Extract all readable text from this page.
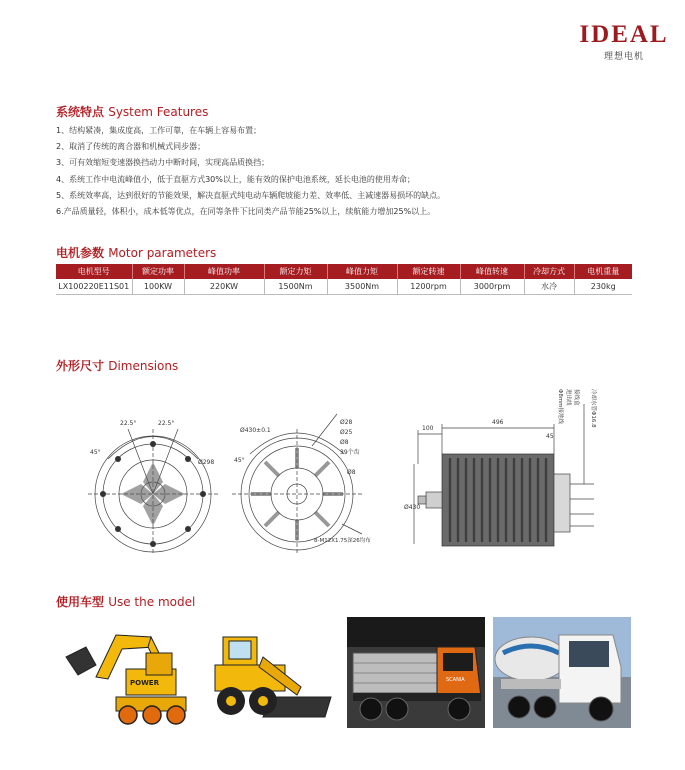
IDEAL
理想电机
系统特点 System Features
1、结构紧凑，集成度高，工作可靠，在车辆上容易布置；
2、取消了传统的离合器和机械式同步器；
3、可有效缩短变速器换挡动力中断时间，实现高品质换挡；
4、系统工作中电流峰值小，低于直驱方式30%以上，能有效的保护电池系统，延长电池的使用寿命；
5、系统效率高，达到很好的节能效果，解决直驱式纯电动车辆爬坡能力差、效率低、主减速器易损坏的缺点。
6.产品质量轻，体积小，成本低等优点，在同等条件下比同类产品节能25%以上，续航能力增加25%以上。
电机参数 Motor parameters
电机型号	额定功率	峰值功率	额定力矩	峰值力矩	额定转速	峰值转速	冷却方式	电机重量
LX100220E11S01	100KW	220KW	1500Nm	3500Nm	1200rpm	3000rpm	水冷	230kg
外形尺寸 Dimensions
22.5°	22.5°
45°
Ø298
Ø430±0.1
45°
Ø28
Ø25
Ø8
39个齿
Ø8
8-M12X1.75深26均布
100
496
45
Ø430
Φ8mm接地线 进出线 接线盒	冷却水管Φ16.8
使用车型 Use the model
POWER	SCANIA
